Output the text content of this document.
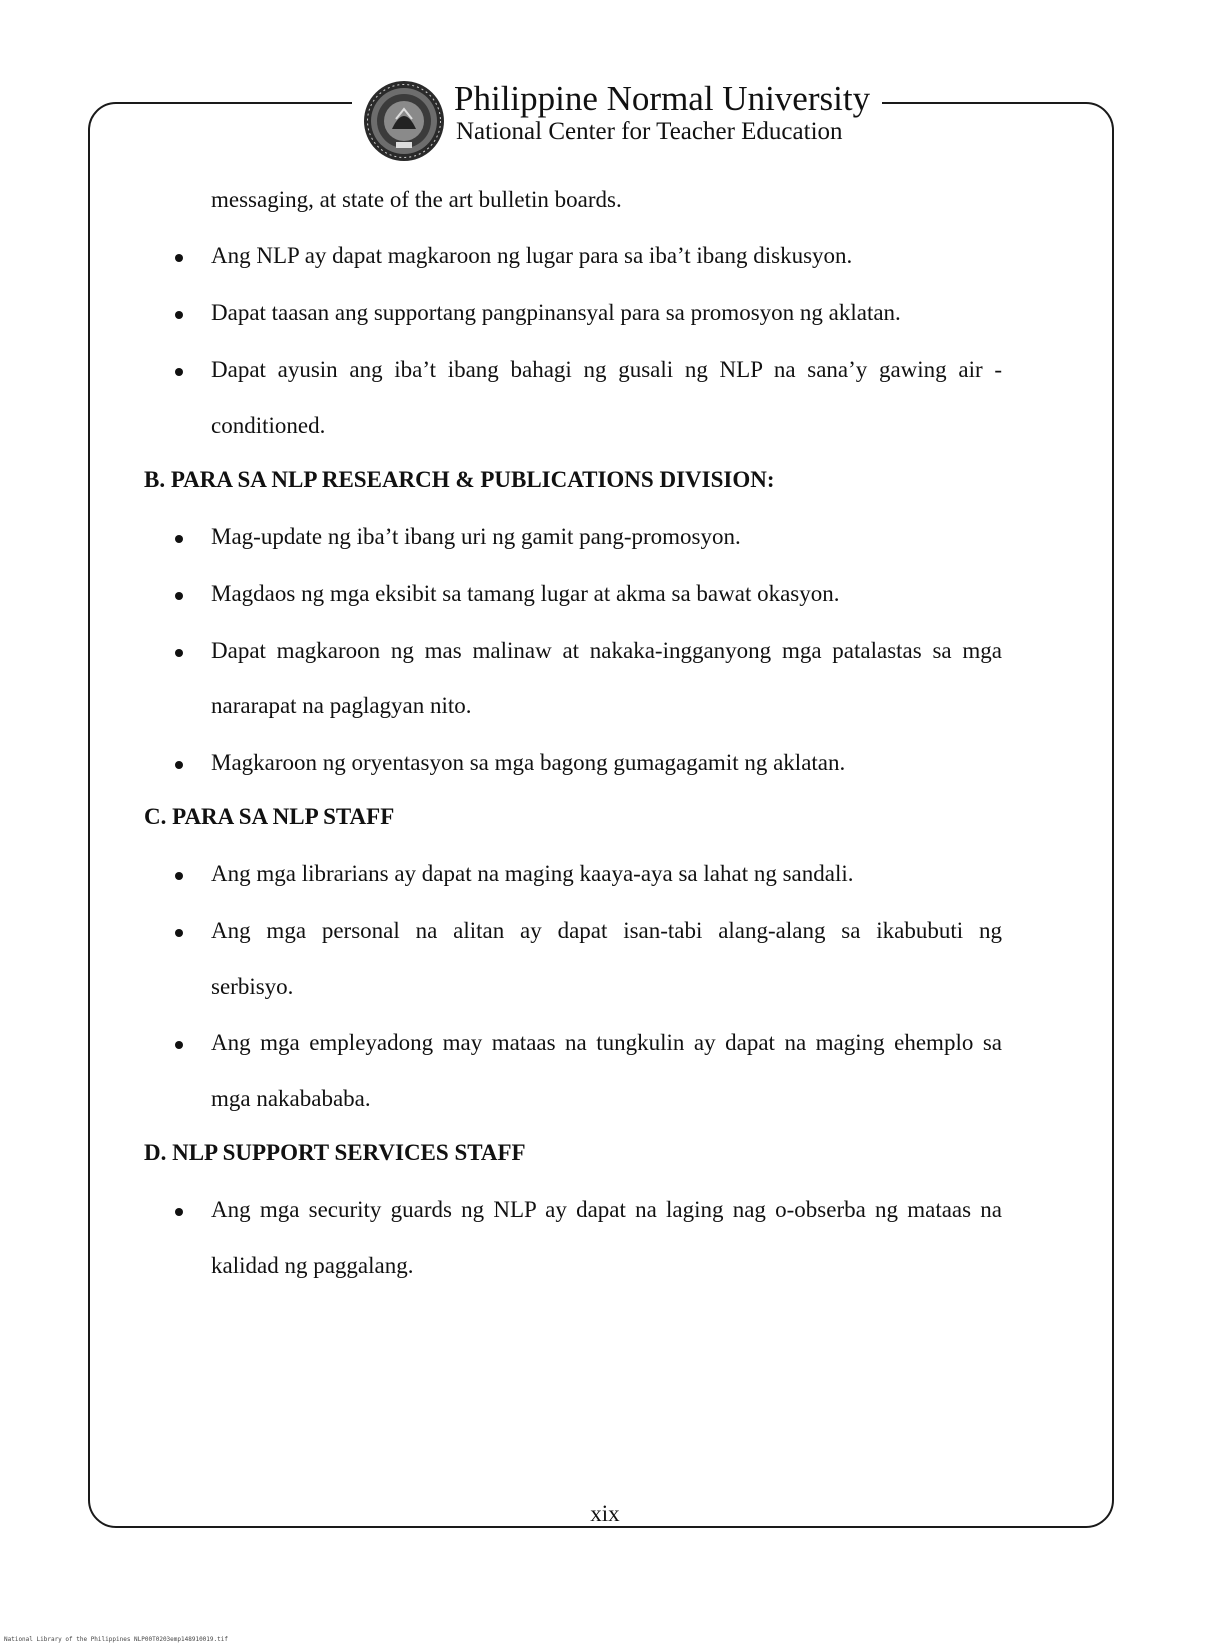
Philippine Normal University
National Center for Teacher Education
messaging, at state of the art bulletin boards.
Ang NLP ay dapat magkaroon ng lugar para sa iba’t ibang diskusyon.
Dapat taasan ang supportang pangpinansyal para sa promosyon ng aklatan.
Dapat ayusin ang iba’t ibang bahagi ng gusali ng NLP na sana’y gawing air -
conditioned.
B. PARA SA NLP RESEARCH & PUBLICATIONS DIVISION:
Mag-update ng iba’t ibang uri ng gamit pang-promosyon.
Magdaos ng mga eksibit sa tamang lugar at akma sa bawat okasyon.
Dapat magkaroon ng mas malinaw at nakaka-ingganyong mga patalastas sa mga
nararapat na paglagyan nito.
Magkaroon ng oryentasyon sa mga bagong gumagagamit ng aklatan.
C. PARA SA NLP STAFF
Ang mga librarians ay dapat na maging kaaya-aya sa lahat ng sandali.
Ang mga personal na alitan ay dapat isan-tabi alang-alang sa ikabubuti ng
serbisyo.
Ang mga empleyadong may mataas na tungkulin ay dapat na maging ehemplo sa
mga nakabababa.
D. NLP SUPPORT SERVICES STAFF
Ang mga security guards ng NLP ay dapat na laging nag o-obserba ng mataas na
kalidad ng paggalang.
xix
National Library of the Philippines NLP00T0203emp148910019.tif
